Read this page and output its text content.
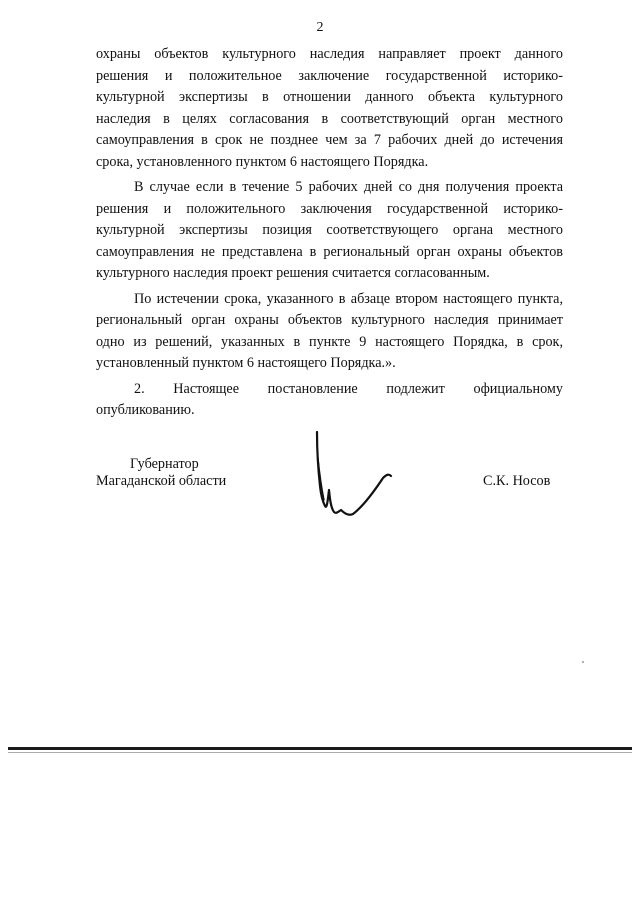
2
охраны объектов культурного наследия направляет проект данного
решения и положительное заключение государственной историко-
культурной экспертизы в отношении данного объекта культурного
наследия в целях согласования в соответствующий орган местного
самоуправления в срок не позднее чем за 7 рабочих дней до истечения
срока, установленного пунктом 6 настоящего Порядка.
В случае если в течение 5 рабочих дней со дня получения проекта
решения и положительного заключения государственной историко-
культурной экспертизы позиция соответствующего органа местного
самоуправления не представлена в региональный орган охраны объектов
культурного наследия проект решения считается согласованным.
По истечении срока, указанного в абзаце втором настоящего пункта,
региональный орган охраны объектов культурного наследия принимает
одно из решений, указанных в пункте 9 настоящего Порядка, в срок,
установленный пунктом 6 настоящего Порядка.».
2. Настоящее постановление подлежит официальному
опубликованию.
Губернатор
Магаданской области	С.К. Носов
